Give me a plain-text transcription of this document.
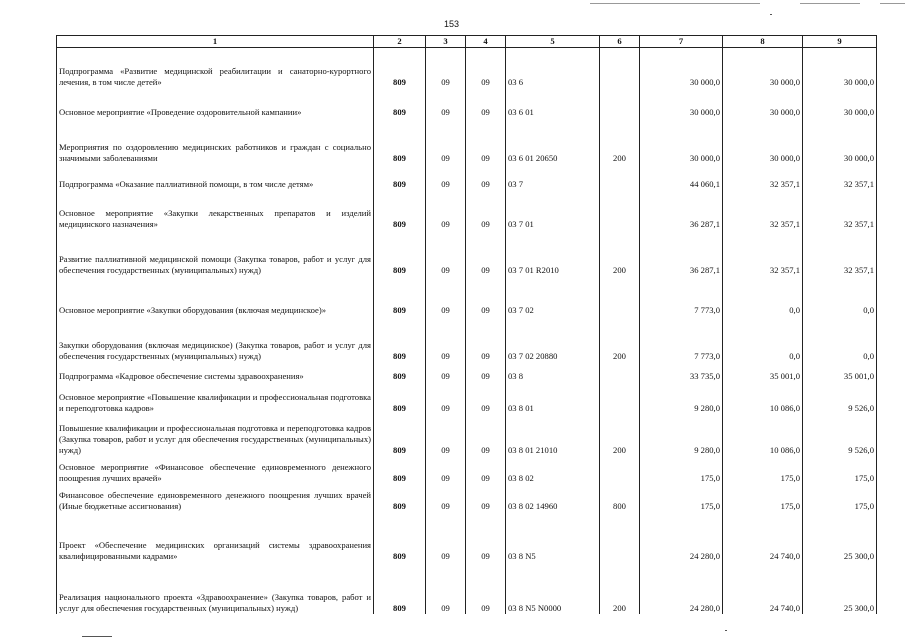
153
1	2	3	4	5	6	7	8	9
Подпрограмма «Развитие медицинской реабилитации и санаторно-курортного лечения, в том числе детей»	809	09	09	03 6		30 000,0	30 000,0	30 000,0
Основное мероприятие «Проведение оздоровительной кампании»	809	09	09	03 6 01		30 000,0	30 000,0	30 000,0
Мероприятия по оздоровлению медицинских работников и граждан с социально значимыми заболеваниями	809	09	09	03 6 01 20650	200	30 000,0	30 000,0	30 000,0
Подпрограмма «Оказание паллиативной помощи, в том числе детям»	809	09	09	03 7		44 060,1	32 357,1	32 357,1
Основное мероприятие «Закупки лекарственных препаратов и изделий медицинского назначения»	809	09	09	03 7 01		36 287,1	32 357,1	32 357,1
Развитие паллиативной медицинской помощи (Закупка товаров, работ и услуг для обеспечения государственных (муниципальных) нужд)	809	09	09	03 7 01 R2010	200	36 287,1	32 357,1	32 357,1
Основное мероприятие «Закупки оборудования (включая медицинское)»	809	09	09	03 7 02		7 773,0	0,0	0,0
Закупки оборудования (включая медицинское) (Закупка товаров, работ и услуг для обеспечения государственных (муниципальных) нужд)	809	09	09	03 7 02 20880	200	7 773,0	0,0	0,0
Подпрограмма «Кадровое обеспечение системы здравоохранения»	809	09	09	03 8		33 735,0	35 001,0	35 001,0
Основное мероприятие «Повышение квалификации и профессиональная подготовка и переподготовка кадров»	809	09	09	03 8 01		9 280,0	10 086,0	9 526,0
Повышение квалификации и профессиональная подготовка и переподготовка кадров (Закупка товаров, работ и услуг для обеспечения государственных (муниципальных) нужд)	809	09	09	03 8 01 21010	200	9 280,0	10 086,0	9 526,0
Основное мероприятие «Финансовое обеспечение единовременного денежного поощрения лучших врачей»	809	09	09	03 8 02		175,0	175,0	175,0
Финансовое обеспечение единовременного денежного поощрения лучших врачей (Иные бюджетные ассигнования)	809	09	09	03 8 02 14960	800	175,0	175,0	175,0
Проект «Обеспечение медицинских организаций системы здравоохранения квалифицированными кадрами»	809	09	09	03 8 N5		24 280,0	24 740,0	25 300,0
Реализация национального проекта «Здравоохранение» (Закупка товаров, работ и услуг для обеспечения государственных (муниципальных) нужд)	809	09	09	03 8 N5 N0000	200	24 280,0	24 740,0	25 300,0
